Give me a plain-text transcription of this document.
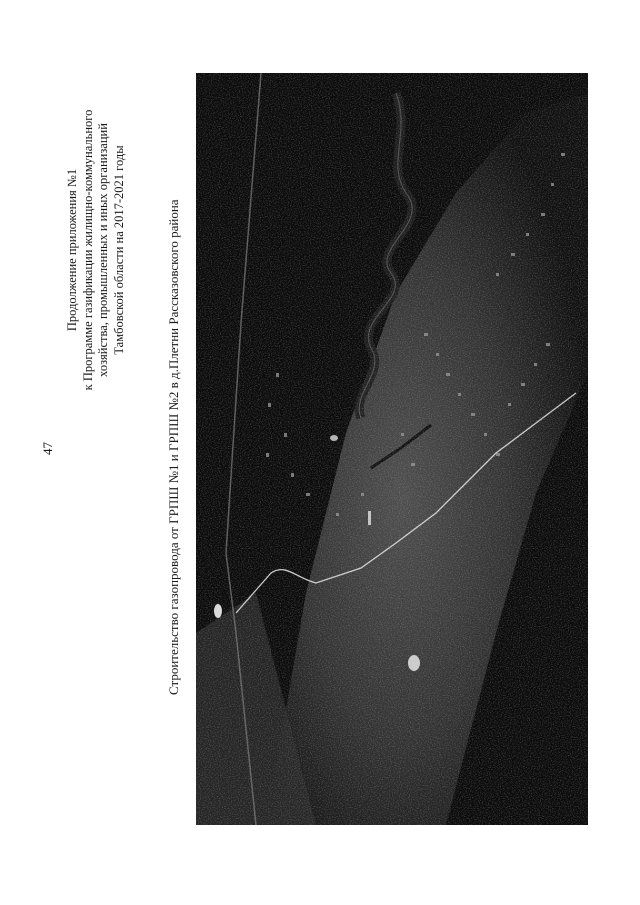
47
Продолжение приложения №1 к Программе газификации жилищно-коммунального хозяйства, промышленных и иных организаций Тамбовской области на 2017-2021 годы	Строительство газопровода от ГРПШ №1 и ГРПШ №2 в д.Плетни Рассказовского района
